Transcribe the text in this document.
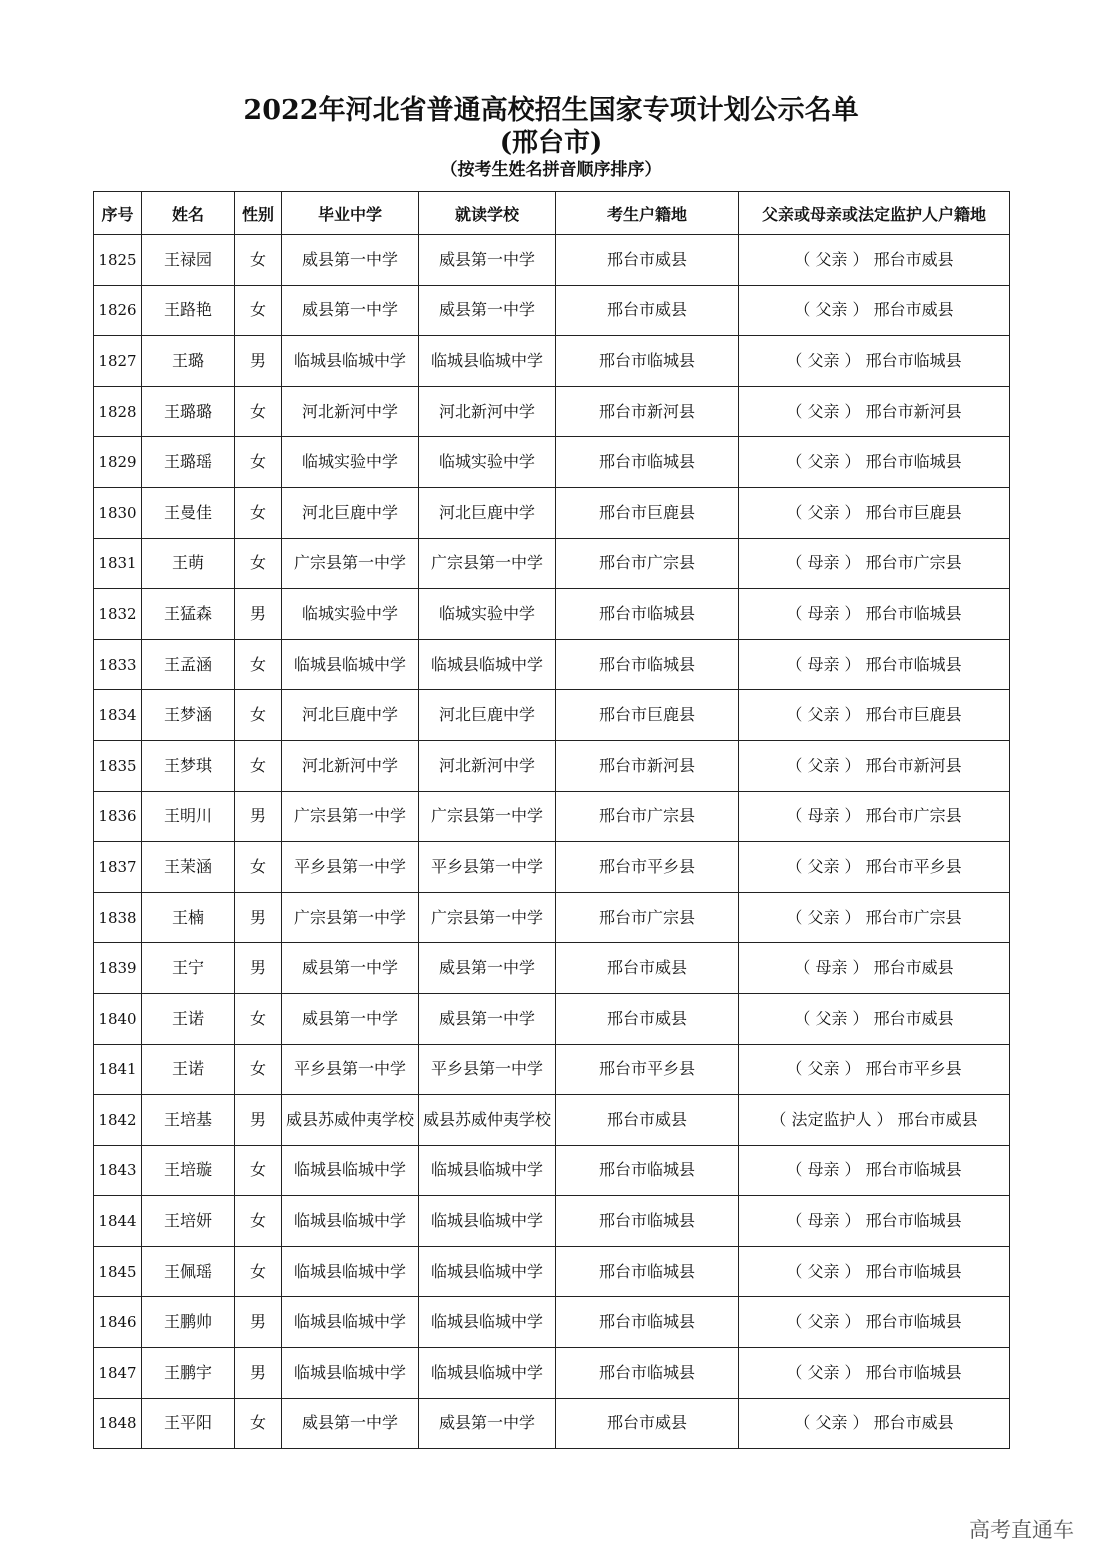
2022年河北省普通高校招生国家专项计划公示名单
(邢台市)
（按考生姓名拼音顺序排序）
序号	姓名	性别	毕业中学	就读学校	考生户籍地	父亲或母亲或法定监护人户籍地
1825	王禄园	女	威县第一中学	威县第一中学	邢台市威县	（ 父亲 ） 邢台市威县
1826	王路艳	女	威县第一中学	威县第一中学	邢台市威县	（ 父亲 ） 邢台市威县
1827	王璐	男	临城县临城中学	临城县临城中学	邢台市临城县	（ 父亲 ） 邢台市临城县
1828	王璐璐	女	河北新河中学	河北新河中学	邢台市新河县	（ 父亲 ） 邢台市新河县
1829	王璐瑶	女	临城实验中学	临城实验中学	邢台市临城县	（ 父亲 ） 邢台市临城县
1830	王曼佳	女	河北巨鹿中学	河北巨鹿中学	邢台市巨鹿县	（ 父亲 ） 邢台市巨鹿县
1831	王萌	女	广宗县第一中学	广宗县第一中学	邢台市广宗县	（ 母亲 ） 邢台市广宗县
1832	王猛森	男	临城实验中学	临城实验中学	邢台市临城县	（ 母亲 ） 邢台市临城县
1833	王孟涵	女	临城县临城中学	临城县临城中学	邢台市临城县	（ 母亲 ） 邢台市临城县
1834	王梦涵	女	河北巨鹿中学	河北巨鹿中学	邢台市巨鹿县	（ 父亲 ） 邢台市巨鹿县
1835	王梦琪	女	河北新河中学	河北新河中学	邢台市新河县	（ 父亲 ） 邢台市新河县
1836	王明川	男	广宗县第一中学	广宗县第一中学	邢台市广宗县	（ 母亲 ） 邢台市广宗县
1837	王茉涵	女	平乡县第一中学	平乡县第一中学	邢台市平乡县	（ 父亲 ） 邢台市平乡县
1838	王楠	男	广宗县第一中学	广宗县第一中学	邢台市广宗县	（ 父亲 ） 邢台市广宗县
1839	王宁	男	威县第一中学	威县第一中学	邢台市威县	（ 母亲 ） 邢台市威县
1840	王诺	女	威县第一中学	威县第一中学	邢台市威县	（ 父亲 ） 邢台市威县
1841	王诺	女	平乡县第一中学	平乡县第一中学	邢台市平乡县	（ 父亲 ） 邢台市平乡县
1842	王培基	男	威县苏威仲夷学校	威县苏威仲夷学校	邢台市威县	（ 法定监护人 ） 邢台市威县
1843	王培璇	女	临城县临城中学	临城县临城中学	邢台市临城县	（ 母亲 ） 邢台市临城县
1844	王培妍	女	临城县临城中学	临城县临城中学	邢台市临城县	（ 母亲 ） 邢台市临城县
1845	王佩瑶	女	临城县临城中学	临城县临城中学	邢台市临城县	（ 父亲 ） 邢台市临城县
1846	王鹏帅	男	临城县临城中学	临城县临城中学	邢台市临城县	（ 父亲 ） 邢台市临城县
1847	王鹏宇	男	临城县临城中学	临城县临城中学	邢台市临城县	（ 父亲 ） 邢台市临城县
1848	王平阳	女	威县第一中学	威县第一中学	邢台市威县	（ 父亲 ） 邢台市威县
高考直通车
